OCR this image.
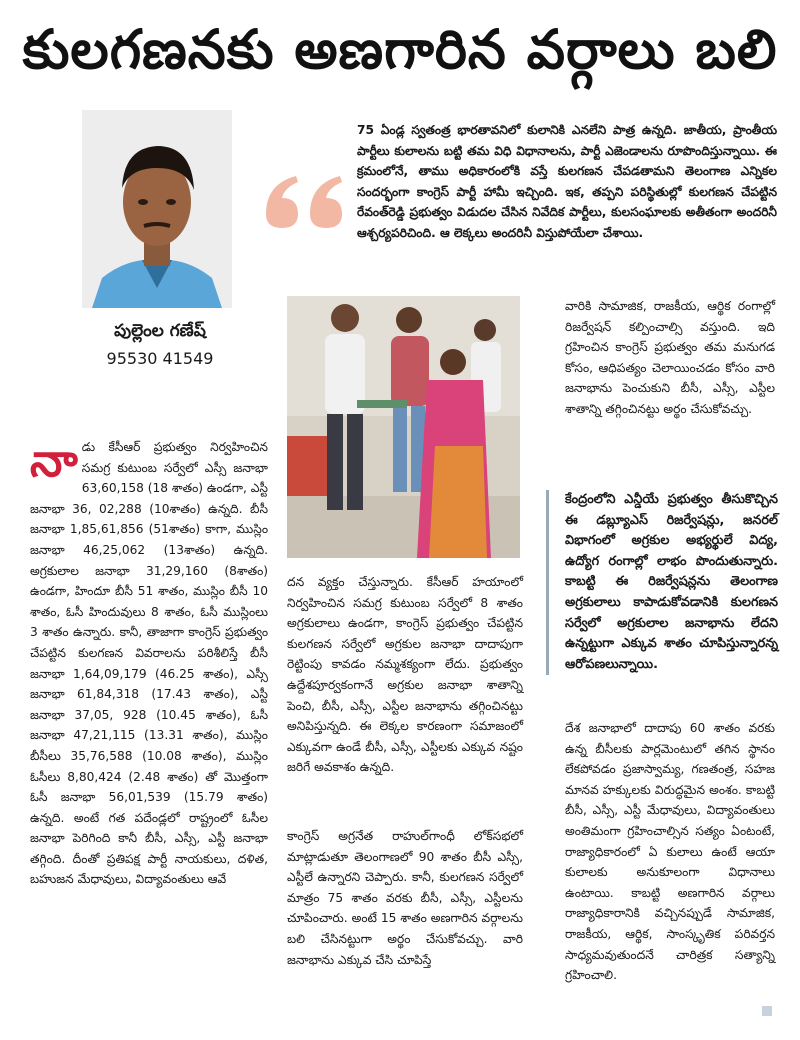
కులగణనకు అణగారిన వర్గాలు బలి
పుల్లెంల గణేష్
95530 41549
75 ఏండ్ల స్వతంత్ర భారతావనిలో కులానికి ఎనలేని పాత్ర ఉన్నది. జాతీయ, ప్రాంతీయ పార్టీలు కులాలను బట్టి తమ విధి విధానాలను, పార్టీ ఎజెండాలను రూపొందిస్తున్నాయి. ఈ క్రమంలోనే, తాము అధికారంలోకి వస్తే కులగణన చేపడతామని తెలంగాణ ఎన్నికల సందర్భంగా కాంగ్రెస్ పార్టీ హామీ ఇచ్చింది. ఇక, తప్పని పరిస్థితుల్లో కులగణన చేపట్టిన రేవంత్‌రెడ్డి ప్రభుత్వం విడుదల చేసిన నివేదిక పార్టీలు, కులసంఘాలకు అతీతంగా అందరినీ ఆశ్చర్యపరిచింది. ఆ లెక్కలు అందరినీ విస్తుపోయేలా చేశాయి.
నా డు కేసీఆర్ ప్రభుత్వం నిర్వహించిన సమగ్ర కుటుంబ సర్వేలో ఎస్సీ జనాభా 63,60,158 (18 శాతం) ఉండగా, ఎస్టీ జనాభా 36, 02,288 (10శాతం) ఉన్నది. బీసీ జనాభా 1,85,61,856 (51శాతం) కాగా, ముస్లిం జనాభా 46,25,062 (13శాతం) ఉన్నది. అగ్రకులాల జనాభా 31,29,160 (8శాతం) ఉండగా, హిందూ బీసీ 51 శాతం, ముస్లిం బీసీ 10 శాతం, ఓసీ హిందువులు 8 శాతం, ఓసీ ముస్లింలు 3 శాతం ఉన్నారు. కానీ, తాజాగా కాంగ్రెస్ ప్రభుత్వం చేపట్టిన కులగణన వివరాలను పరిశీలిస్తే బీసీ జనాభా 1,64,09,179 (46.25 శాతం), ఎస్సీ జనాభా 61,84,318 (17.43 శాతం), ఎస్టీ జనాభా 37,05, 928 (10.45 శాతం), ఓసీ జనాభా 47,21,115 (13.31 శాతం), ముస్లిం బీసీలు 35,76,588 (10.08 శాతం), ముస్లిం ఓసీలు 8,80,424 (2.48 శాతం) తో మొత్తంగా ఓసీ జనాభా 56,01,539 (15.79 శాతం) ఉన్నది. అంటే గత పదేండ్లలో రాష్ట్రంలో ఓసీల జనాభా పెరిగింది కానీ బీసీ, ఎస్సీ, ఎస్టీ జనాభా తగ్గింది. దీంతో ప్రతిపక్ష పార్టీ నాయకులు, దళిత, బహుజన మేధావులు, విద్యావంతులు ఆవే
దన వ్యక్తం చేస్తున్నారు. కేసీఆర్ హయాంలో నిర్వహించిన సమగ్ర కుటుంబ సర్వేలో 8 శాతం అగ్రకులాలు ఉండగా, కాంగ్రెస్ ప్రభుత్వం చేపట్టిన కులగణన సర్వేలో అగ్రకుల జనాభా దాదాపుగా రెట్టింపు కావడం నమ్మశక్యంగా లేదు. ప్రభుత్వం ఉద్దేశపూర్వకంగానే అగ్రకుల జనాభా శాతాన్ని పెంచి, బీసీ, ఎస్సీ, ఎస్టీల జనాభాను తగ్గించినట్టు అనిపిస్తున్నది. ఈ లెక్కల కారణంగా సమాజంలో ఎక్కువగా ఉండే బీసీ, ఎస్సీ, ఎస్టీలకు ఎక్కువ నష్టం జరిగే అవకాశం ఉన్నది.
కాంగ్రెస్ అగ్రనేత రాహుల్‌గాంధీ లోక్‌సభలో మాట్లాడుతూ తెలంగాణలో 90 శాతం బీసీ ఎస్సీ, ఎస్టీలే ఉన్నారని చెప్పారు. కానీ, కులగణన సర్వేలో మాత్రం 75 శాతం వరకు బీసీ, ఎస్సీ, ఎస్టీలను చూపించారు. అంటే 15 శాతం అణగారిన వర్గాలను బలి చేసినట్టుగా అర్థం చేసుకోవచ్చు. వారి జనాభాను ఎక్కువ చేసి చూపిస్తే
వారికి సామాజిక, రాజకీయ, ఆర్థిక రంగాల్లో రిజర్వేషన్ కల్పించాల్సి వస్తుంది. ఇది గ్రహించిన కాంగ్రెస్ ప్రభుత్వం తమ మనుగడ కోసం, ఆధిపత్యం చెలాయించడం కోసం వారి జనాభాను పెంచుకుని బీసీ, ఎస్సీ, ఎస్టీల శాతాన్ని తగ్గించినట్టు అర్థం చేసుకోవచ్చు.
కేంద్రంలోని ఎన్డీయే ప్రభుత్వం తీసుకొచ్చిన ఈ డబ్ల్యూఎస్ రిజర్వేషన్లు, జనరల్ విభాగంలో అగ్రకుల అభ్యర్థులే విద్య, ఉద్యోగ రంగాల్లో లాభం పొందుతున్నారు. కాబట్టి ఈ రిజర్వేషన్లను తెలంగాణ అగ్రకులాలు కాపాడుకోవడానికి కులగణన సర్వేలో అగ్రకులాల జనాభాను లేదని ఉన్నట్టుగా ఎక్కువ శాతం చూపిస్తున్నారన్న ఆరోపణలున్నాయి.
దేశ జనాభాలో దాదాపు 60 శాతం వరకు ఉన్న బీసీలకు పార్లమెంటులో తగిన స్థానం లేకపోవడం ప్రజాస్వామ్య, గణతంత్ర, సహజ మానవ హక్కులకు విరుద్ధమైన అంశం. కాబట్టి బీసీ, ఎస్సీ, ఎస్టీ మేధావులు, విద్యావంతులు అంతిమంగా గ్రహించాల్సిన సత్యం ఏంటంటే, రాజ్యాధికారంలో ఏ కులాలు ఉంటే ఆయా కులాలకు అనుకూలంగా విధానాలు ఉంటాయి. కాబట్టి అణగారిన వర్గాలు రాజ్యాధికారానికి వచ్చినప్పుడే సామాజిక, రాజకీయ, ఆర్థిక, సాంస్కృతిక పరివర్తన సాధ్యమవుతుందనే చారిత్రక సత్యాన్ని గ్రహించాలి.
